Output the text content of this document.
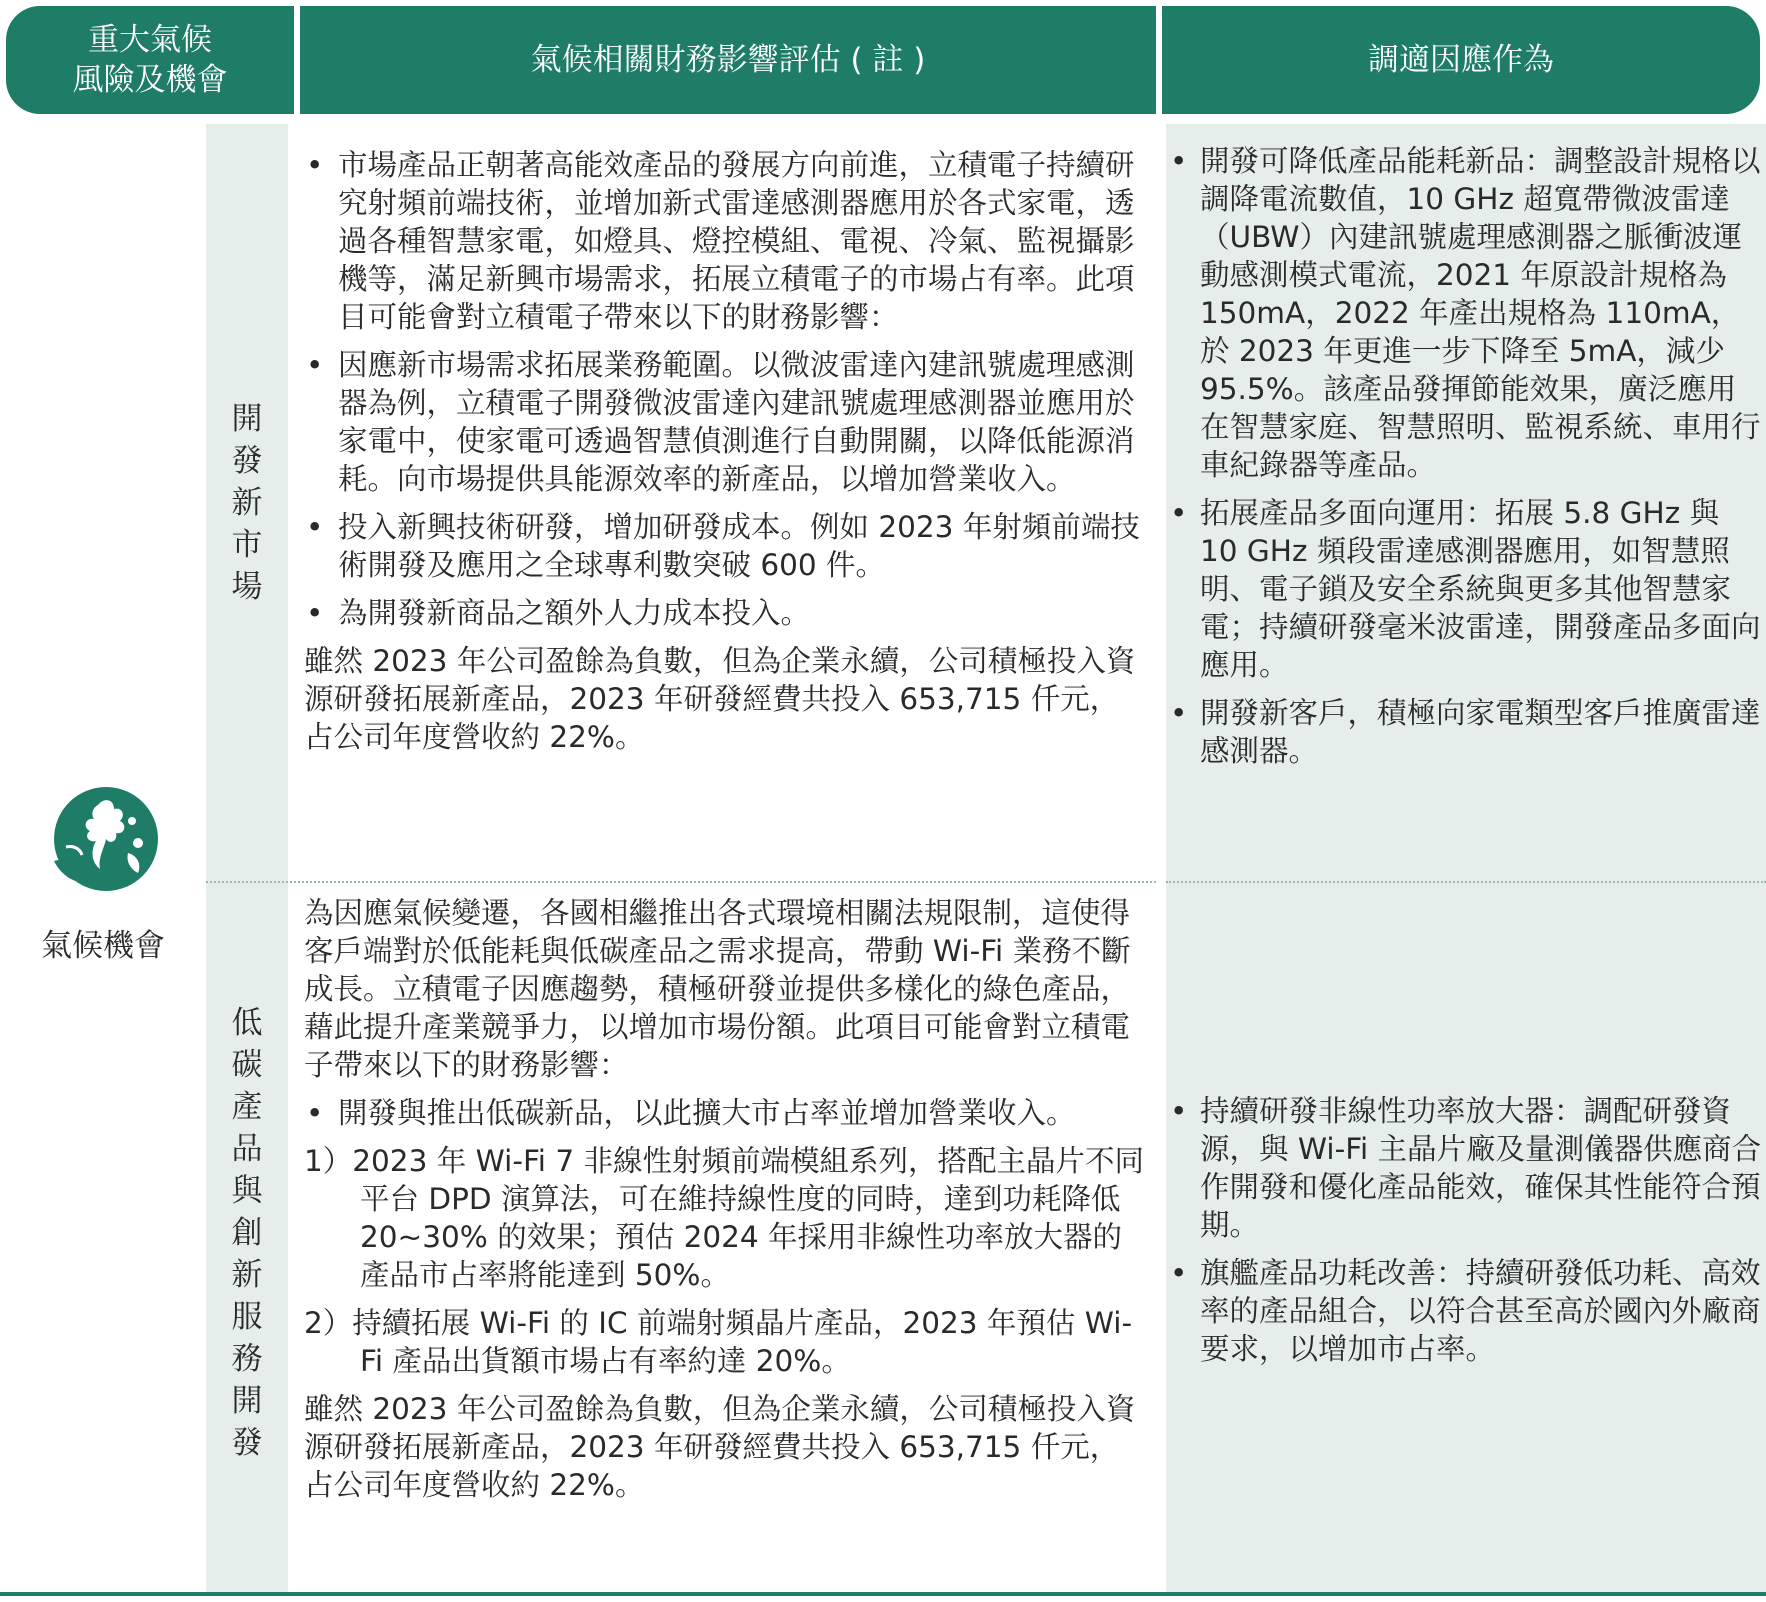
重大氣候
風險及機會
氣候相關財務影響評估 ( 註 )	調適因應作為
氣候機會
開
發
新
市
場
低
碳
產
品
與
創
新
服
務
開
發
• 市場產品正朝著高能效產品的發展方向前進，立積電子持續研究射頻前端技術，並增加新式雷達感測器應用於各式家電，透過各種智慧家電，如燈具、燈控模組、電視、冷氣、監視攝影機等，滿足新興市場需求，拓展立積電子的市場占有率。此項目可能會對立積電子帶來以下的財務影響：
• 因應新市場需求拓展業務範圍。以微波雷達內建訊號處理感測器為例，立積電子開發微波雷達內建訊號處理感測器並應用於家電中，使家電可透過智慧偵測進行自動開關，以降低能源消耗。向市場提供具能源效率的新產品，以增加營業收入。
• 投入新興技術研發，增加研發成本。例如 2023 年射頻前端技術開發及應用之全球專利數突破 600 件。
• 為開發新商品之額外人力成本投入。

雖然 2023 年公司盈餘為負數，但為企業永續，公司積極投入資源研發拓展新產品，2023 年研發經費共投入 653,715 仟元，占公司年度營收約 22%。

• 開發可降低產品能耗新品：調整設計規格以調降電流數值，10 GHz 超寬帶微波雷達（UBW）內建訊號處理感測器之脈衝波運動感測模式電流，2021 年原設計規格為 150mA，2022 年產出規格為 110mA，於 2023 年更進一步下降至 5mA，減少 95.5%。該產品發揮節能效果，廣泛應用在智慧家庭、智慧照明、監視系統、車用行車紀錄器等產品。
• 拓展產品多面向運用：拓展 5.8 GHz 與 10 GHz 頻段雷達感測器應用，如智慧照明、電子鎖及安全系統與更多其他智慧家電；持續研發毫米波雷達，開發產品多面向應用。
• 開發新客戶，積極向家電類型客戶推廣雷達感測器。

為因應氣候變遷，各國相繼推出各式環境相關法規限制，這使得客戶端對於低能耗與低碳產品之需求提高，帶動 Wi-Fi 業務不斷成長。立積電子因應趨勢，積極研發並提供多樣化的綠色產品，藉此提升產業競爭力，以增加市場份額。此項目可能會對立積電子帶來以下的財務影響：

• 開發與推出低碳新品，以此擴大市占率並增加營業收入。
1）2023 年 Wi-Fi 7 非線性射頻前端模組系列，搭配主晶片不同平台 DPD 演算法，可在維持線性度的同時，達到功耗降低 20~30% 的效果；預估 2024 年採用非線性功率放大器的產品市占率將能達到 50%。
2）持續拓展 Wi-Fi 的 IC 前端射頻晶片產品，2023 年預估 Wi-Fi 產品出貨額市場占有率約達 20%。

雖然 2023 年公司盈餘為負數，但為企業永續，公司積極投入資源研發拓展新產品，2023 年研發經費共投入 653,715 仟元，占公司年度營收約 22%。

• 持續研發非線性功率放大器：調配研發資源，與 Wi-Fi 主晶片廠及量測儀器供應商合作開發和優化產品能效，確保其性能符合預期。
• 旗艦產品功耗改善：持續研發低功耗、高效率的產品組合，以符合甚至高於國內外廠商要求，以增加市占率。
